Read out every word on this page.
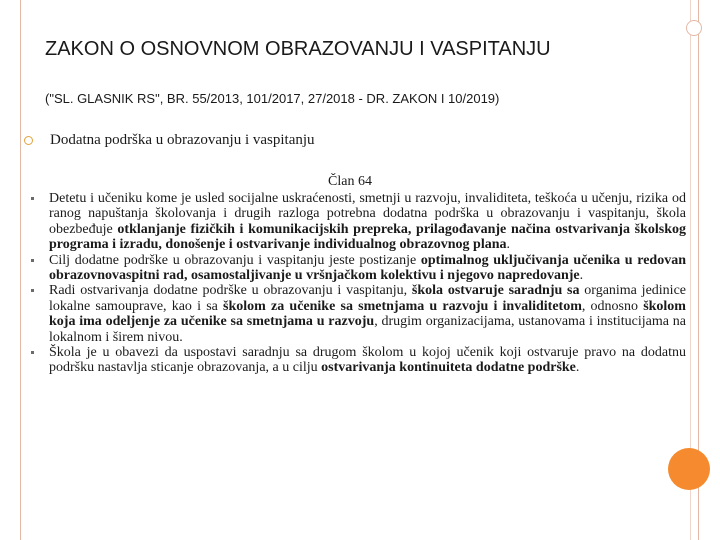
ZAKON O OSNOVNOM OBRAZOVANJU I VASPITANJU
("SL. GLASNIK RS", BR. 55/2013, 101/2017, 27/2018 - DR. ZAKON I 10/2019)
Dodatna podrška u obrazovanju i vaspitanju
Član 64
Detetu i učeniku kome je usled socijalne uskraćenosti, smetnji u razvoju, invaliditeta, teškoća u učenju, rizika od ranog napuštanja školovanja i drugih razloga potrebna dodatna podrška u obrazovanju i vaspitanju, škola obezbeđuje otklanjanje fizičkih i komunikacijskih prepreka, prilagođavanje načina ostvarivanja školskog programa i izradu, donošenje i ostvarivanje individualnog obrazovnog plana.
Cilj dodatne podrške u obrazovanju i vaspitanju jeste postizanje optimalnog uključivanja učenika u redovan obrazovnovaspitni rad, osamostaljivanje u vršnjačkom kolektivu i njegovo napredovanje.
Radi ostvarivanja dodatne podrške u obrazovanju i vaspitanju, škola ostvaruje saradnju sa organima jedinice lokalne samouprave, kao i sa školom za učenike sa smetnjama u razvoju i invaliditetom, odnosno školom koja ima odeljenje za učenike sa smetnjama u razvoju, drugim organizacijama, ustanovama i institucijama na lokalnom i širem nivou.
Škola je u obavezi da uspostavi saradnju sa drugom školom u kojoj učenik koji ostvaruje pravo na dodatnu podršku nastavlja sticanje obrazovanja, a u cilju ostvarivanja kontinuiteta dodatne podrške.
